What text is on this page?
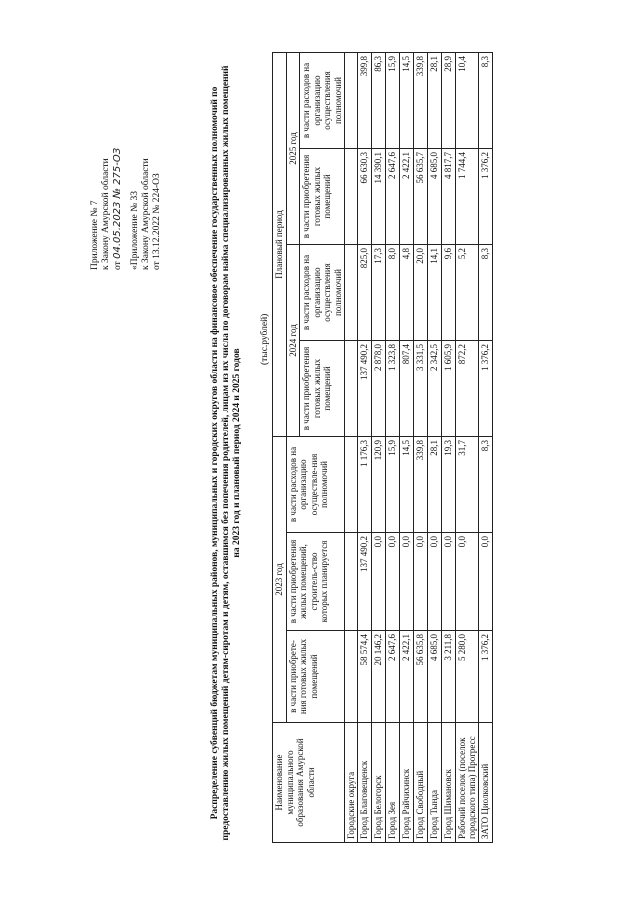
Приложение № 7 к Закону Амурской области от 04.05.2023 № 275-ОЗ «Приложение № 33 к Закону Амурской области от 13.12.2022 № 224-ОЗ	Распределение субвенций бюджетам муниципальных районов, муниципальных и городских округов области на финансовое обеспечение государственных полномочий по предоставлению жилых помещений детям-сиротам и детям, оставшимся без попечения родителей, лицам из их числа по договорам найма специализированных жилых помещений на 2023 год и плановый период 2024 и 2025 годов
(тыс.рублей)
Наименование муниципального образования Амурской области	2023 год			Плановый период			
	в части приобрете-ния готовых жилых помещений	в части приобретения жилых помещений, строитель-ство которых планируется	в части расходов на организацию осуществле-ния полномочий	2024 год		2025 год	
				в части приобретения готовых жилых помещений	в части расходов на организацию осуществления полномочий	в части приобретения готовых жилых помещений	в части расходов на организацию осуществления полномочий
Городские округа							
Город Благовещенск	58 574,4	137 490,2	1 176,3	137 490,2	825,0	66 630,3	399,8
Город Белогорск	20 146,2	0,0	120,9	2 878,0	17,3	14 390,1	86,3
Город Зея	2 647,6	0,0	15,9	1 323,8	8,0	2 647,6	15,9
Город Райчихинск	2 422,1	0,0	14,5	807,4	4,8	2 422,1	14,5
Город Свободный	56 635,8	0,0	339,8	3 331,5	20,0	56 635,7	339,8
Город Тында	4 685,0	0,0	28,1	2 342,5	14,1	4 685,0	28,1
Город Шимановск	3 211,8	0,0	19,3	1 605,9	9,6	4 817,7	28,9
Рабочий поселок (поселок городского типа) Прогресс	5 280,0	0,0	31,7	872,2	5,2	1 744,4	10,4
ЗАТО Циолковский	1 376,2	0,0	8,3	1 376,2	8,3	1 376,2	8,3
